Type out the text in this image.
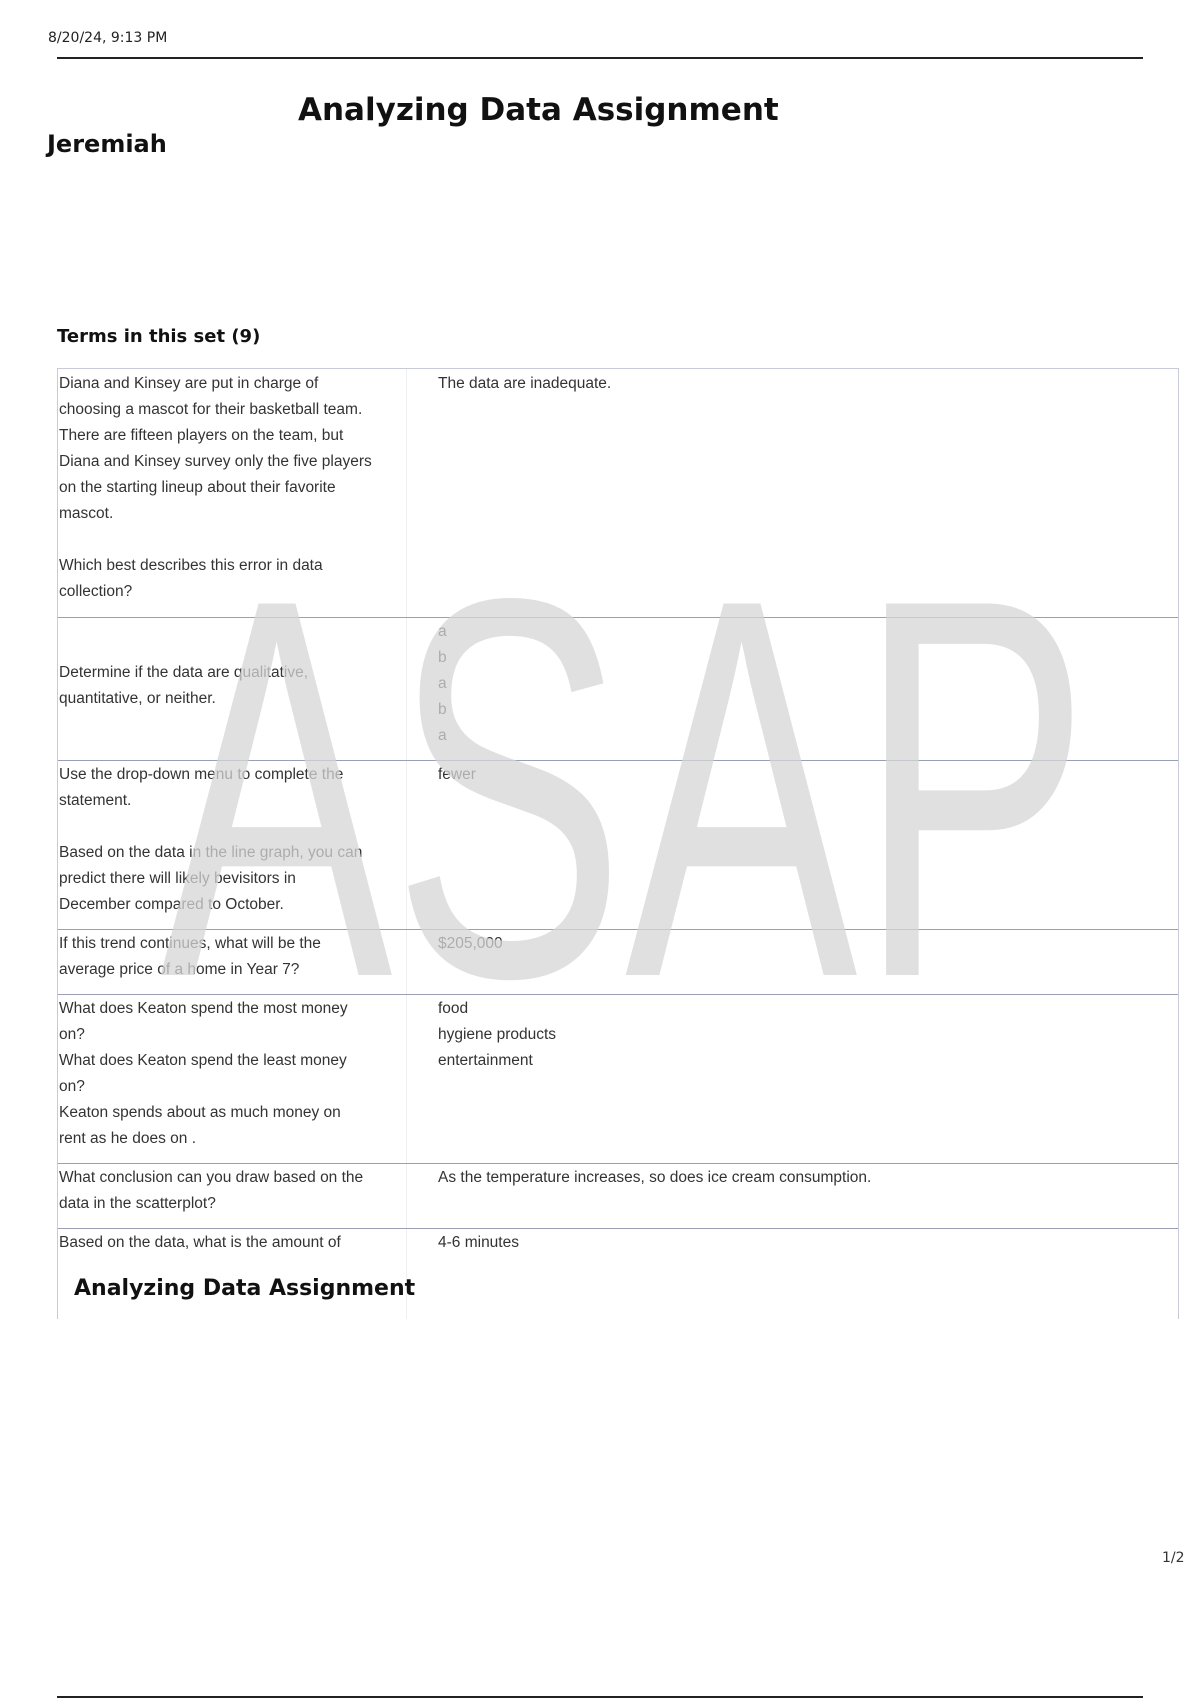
8/20/24, 9:13 PM
Analyzing Data Assignment
Jeremiah
Terms in this set (9)
Diana and Kinsey are put in charge of
choosing a mascot for their basketball team.
There are fifteen players on the team, but
Diana and Kinsey survey only the five players
on the starting lineup about their favorite
mascot.

Which best describes this error in data
collection?
The data are inadequate.
Determine if the data are qualitative,
quantitative, or neither.
a
b
a
b
a
Use the drop-down menu to complete the
statement.

Based on the data in the line graph, you can
predict there will likely bevisitors in
December compared to October.
fewer
If this trend continues, what will be the
average price of a home in Year 7?
$205,000
What does Keaton spend the most money
on?
What does Keaton spend the least money
on?
Keaton spends about as much money on
rent as he does on .
food
hygiene products
entertainment
What conclusion can you draw based on the
data in the scatterplot?
As the temperature increases, so does ice cream consumption.
Based on the data, what is the amount of	4-6 minutes
Analyzing Data Assignment
ASAP
1/2
